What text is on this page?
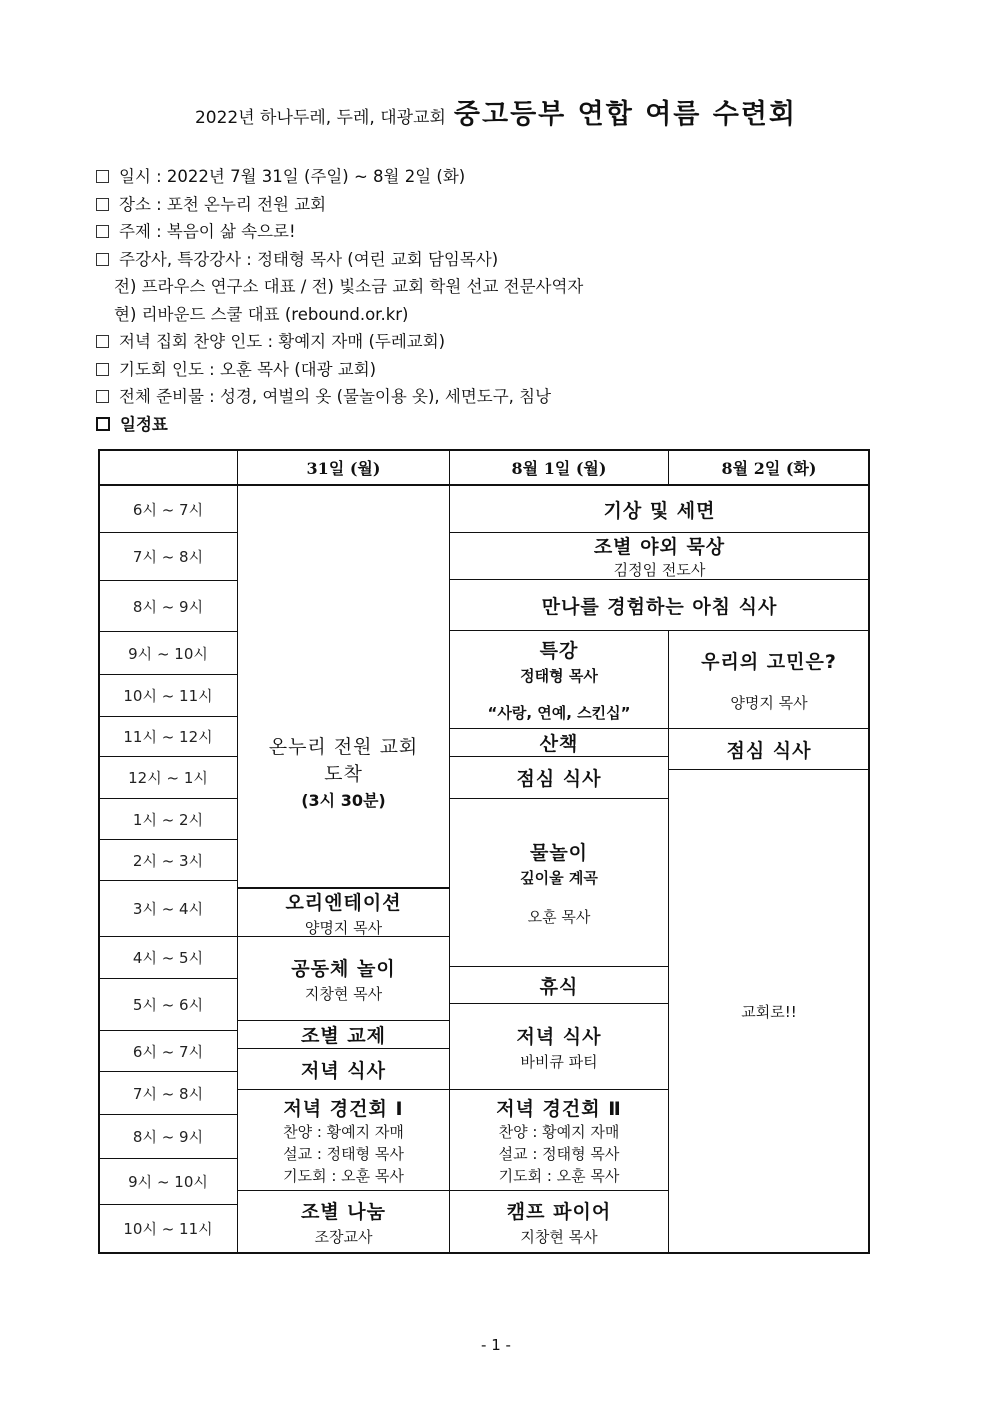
2022년 하나두레, 두레, 대광교회 중고등부 연합 여름 수련회
일시 : 2022년 7월 31일 (주일) ~ 8월 2일 (화)
장소 : 포천 온누리 전원 교회
주제 : 복음이 삶 속으로!
주강사, 특강강사 : 정태형 목사 (여린 교회 담임목사)
전) 프라우스 연구소 대표 / 전) 빛소금 교회 학원 선교 전문사역자
현) 리바운드 스쿨 대표 (rebound.or.kr)
저녁 집회 찬양 인도 : 황예지 자매 (두레교회)
기도회 인도 : 오훈 목사 (대광 교회)
전체 준비물 : 성경, 여벌의 옷 (물놀이용 옷), 세면도구, 침낭
일정표
31일 (월)	8월 1일 (월)	8월 2일 (화)
6시 ~ 7시
7시 ~ 8시
8시 ~ 9시
9시 ~ 10시
10시 ~ 11시
11시 ~ 12시
12시 ~ 1시
1시 ~ 2시
2시 ~ 3시
3시 ~ 4시
4시 ~ 5시
5시 ~ 6시
6시 ~ 7시
7시 ~ 8시
8시 ~ 9시
9시 ~ 10시
10시 ~ 11시
온누리 전원 교회
도착
(3시 30분)
오리엔테이션
양명지 목사
공동체 놀이
지창현 목사
조별 교제
저녁 식사
저녁 경건회 Ⅰ
찬양 : 황예지 자매
설교 : 정태형 목사
기도회 : 오훈 목사
조별 나눔
조장교사
기상 및 세면
조별 야외 묵상
김정임 전도사
만나를 경험하는 아침 식사
특강
정태형 목사
“사랑, 연예, 스킨십”
산책
점심 식사
물놀이
깊이울 계곡
오훈 목사
휴식
저녁 식사
바비큐 파티
저녁 경건회 Ⅱ
찬양 : 황예지 자매
설교 : 정태형 목사
기도회 : 오훈 목사
캠프 파이어
지창현 목사
우리의 고민은?
양명지 목사
점심 식사
교회로!!
- 1 -
